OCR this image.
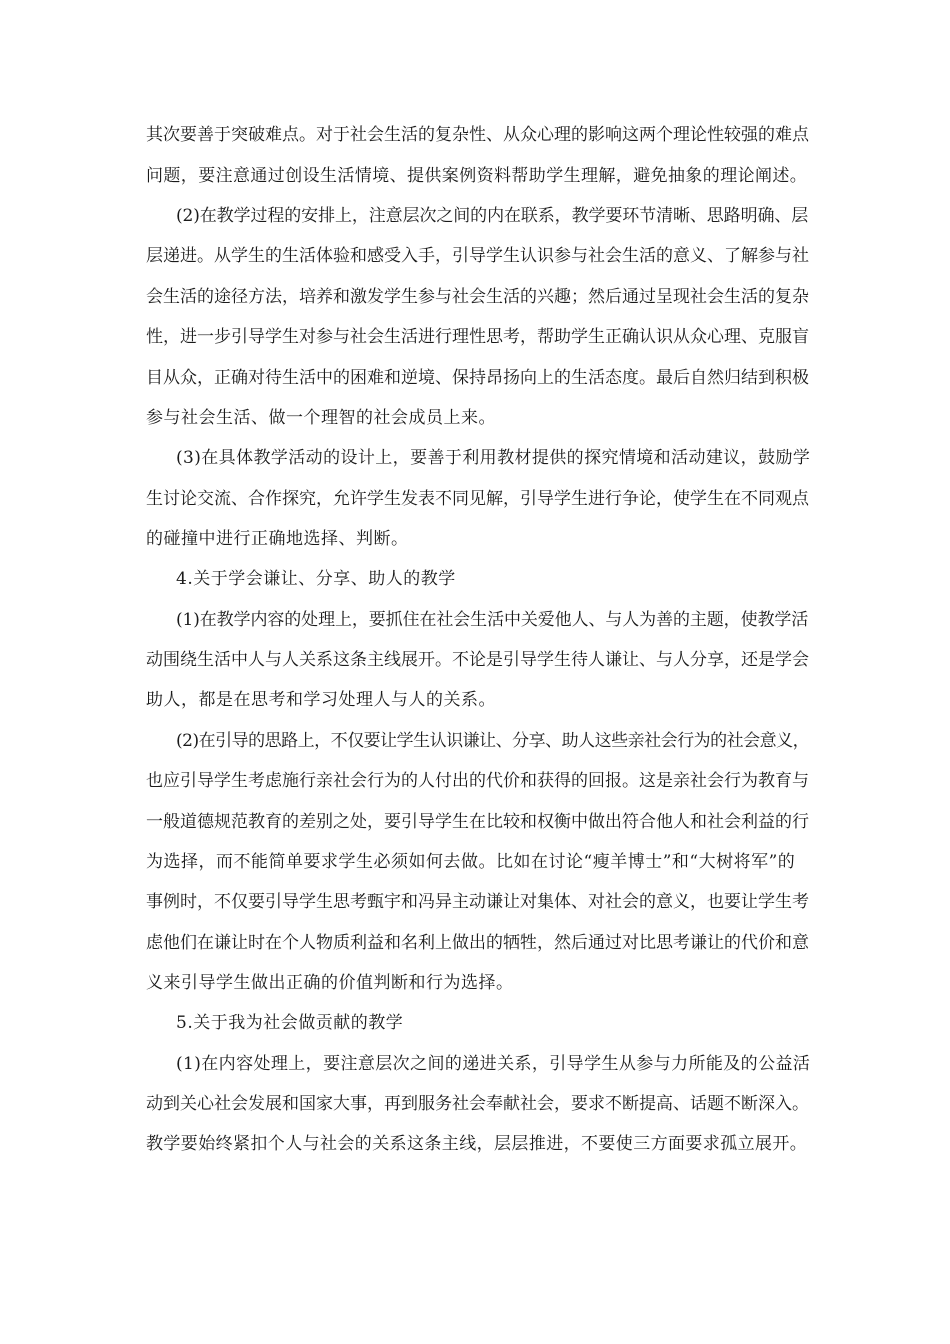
其次要善于突破难点。对于社会生活的复杂性、从众心理的影响这两个理论性较强的难点
问题，要注意通过创设生活情境、提供案例资料帮助学生理解，避免抽象的理论阐述。
(2)在教学过程的安排上，注意层次之间的内在联系，教学要环节清晰、思路明确、层
层递进。从学生的生活体验和感受入手，引导学生认识参与社会生活的意义、了解参与社
会生活的途径方法，培养和激发学生参与社会生活的兴趣；然后通过呈现社会生活的复杂
性，进一步引导学生对参与社会生活进行理性思考，帮助学生正确认识从众心理、克服盲
目从众，正确对待生活中的困难和逆境、保持昂扬向上的生活态度。最后自然归结到积极
参与社会生活、做一个理智的社会成员上来。
(3)在具体教学活动的设计上，要善于利用教材提供的探究情境和活动建议，鼓励学
生讨论交流、合作探究，允许学生发表不同见解，引导学生进行争论，使学生在不同观点
的碰撞中进行正确地选择、判断。
4.关于学会谦让、分享、助人的教学
(1)在教学内容的处理上，要抓住在社会生活中关爱他人、与人为善的主题，使教学活
动围绕生活中人与人关系这条主线展开。不论是引导学生待人谦让、与人分享，还是学会
助人，都是在思考和学习处理人与人的关系。
(2)在引导的思路上，不仅要让学生认识谦让、分享、助人这些亲社会行为的社会意义，
也应引导学生考虑施行亲社会行为的人付出的代价和获得的回报。这是亲社会行为教育与
一般道德规范教育的差别之处，要引导学生在比较和权衡中做出符合他人和社会利益的行
为选择，而不能简单要求学生必须如何去做。比如在讨论“瘦羊博士”和“大树将军”的
事例时，不仅要引导学生思考甄宇和冯异主动谦让对集体、对社会的意义，也要让学生考
虑他们在谦让时在个人物质利益和名利上做出的牺牲，然后通过对比思考谦让的代价和意
义来引导学生做出正确的价值判断和行为选择。
5.关于我为社会做贡献的教学
(1)在内容处理上，要注意层次之间的递进关系，引导学生从参与力所能及的公益活
动到关心社会发展和国家大事，再到服务社会奉献社会，要求不断提高、话题不断深入。
教学要始终紧扣个人与社会的关系这条主线，层层推进，不要使三方面要求孤立展开。
